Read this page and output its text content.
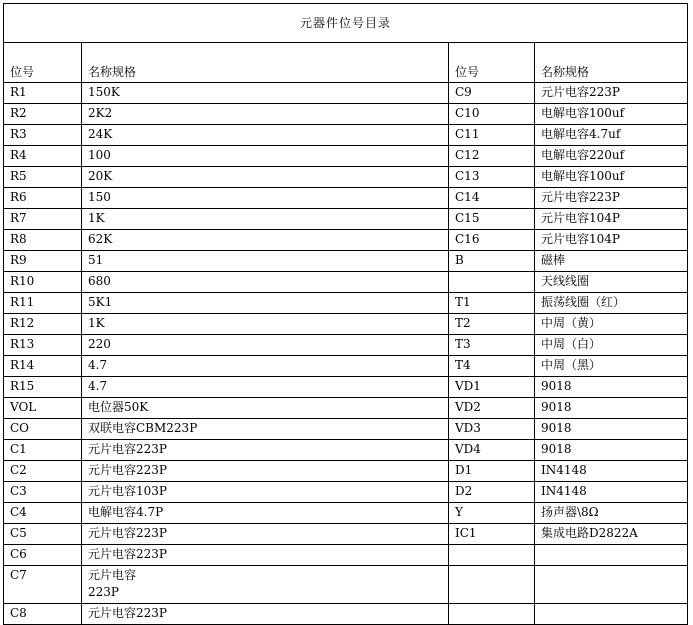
元器件位号目录			
位号	名称规格	位号	名称规格
R1	150K	C9	元片电容223P
R2	2K2	C10	电解电容100uf
R3	24K	C11	电解电容4.7uf
R4	100	C12	电解电容220uf
R5	20K	C13	电解电容100uf
R6	150	C14	元片电容223P
R7	1K	C15	元片电容104P
R8	62K	C16	元片电容104P
R9	51	B	磁棒
R10	680		天线线圈
R11	5K1	T1	振荡线圈（红）
R12	1K	T2	中周（黄）
R13	220	T3	中周（白）
R14	4.7	T4	中周（黑）
R15	4.7	VD1	9018
VOL	电位器50K	VD2	9018
CO	双联电容CBM223P	VD3	9018
C1	元片电容223P	VD4	9018
C2	元片电容223P	D1	IN4148
C3	元片电容103P	D2	IN4148
C4	电解电容4.7P	Y	扬声器\8Ω
C5	元片电容223P	IC1	集成电路D2822A
C6	元片电容223P		
C7	元片电容
223P		

C8	元片电容223P		
